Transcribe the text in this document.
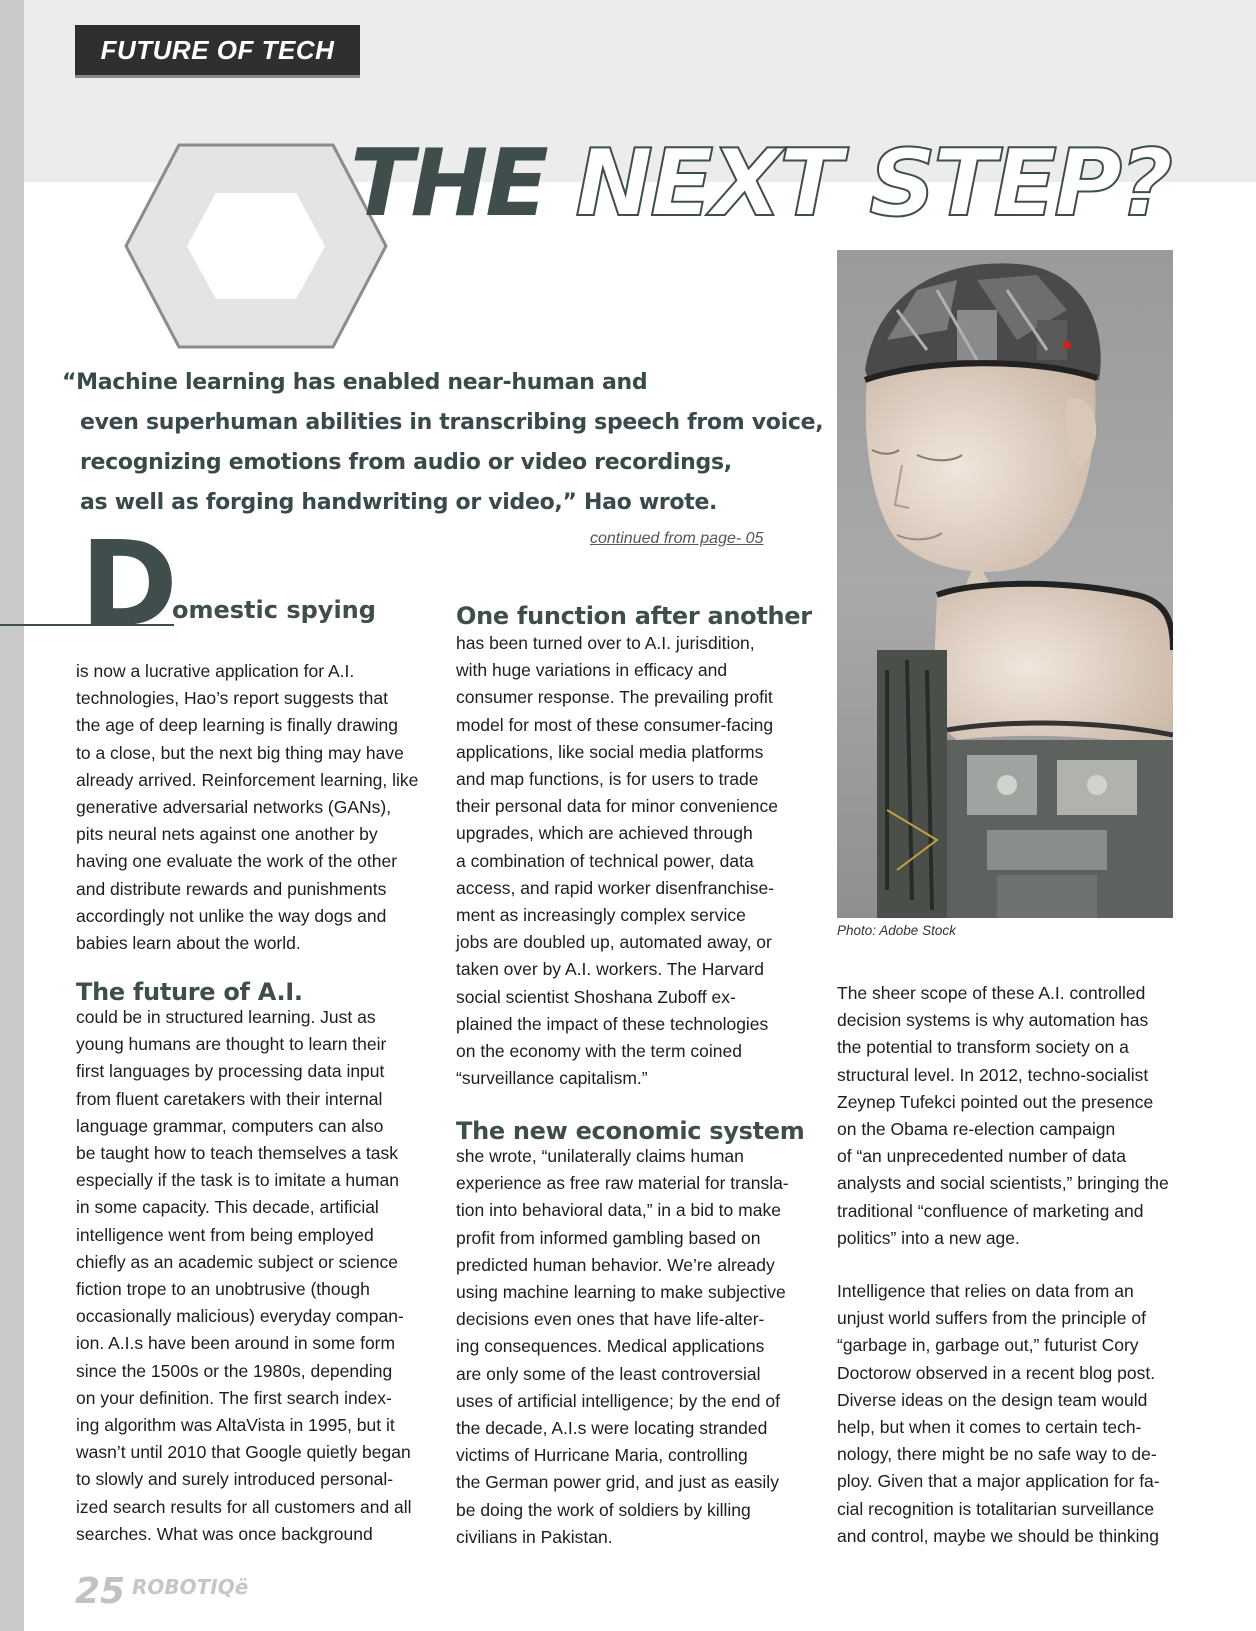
FUTURE OF TECH
THE NEXT STEP?
“Machine learning has enabled near-human and
even superhuman abilities in transcribing speech from voice,
recognizing emotions from audio or video recordings,
as well as forging handwriting or video,” Hao wrote.
continued from page- 05
D
omestic spying
is now a lucrative application for A.I.
technologies, Hao’s report suggests that
the age of deep learning is finally drawing
to a close, but the next big thing may have
already arrived. Reinforcement learning, like
generative adversarial networks (GANs),
pits neural nets against one another by
having one evaluate the work of the other
and distribute rewards and punishments
accordingly not unlike the way dogs and
babies learn about the world.
The future of A.I.
could be in structured learning. Just as
young humans are thought to learn their
first languages by processing data input
from fluent caretakers with their internal
language grammar, computers can also
be taught how to teach themselves a task
especially if the task is to imitate a human
in some capacity. This decade, artificial
intelligence went from being employed
chiefly as an academic subject or science
fiction trope to an unobtrusive (though
occasionally malicious) everyday compan-
ion. A.I.s have been around in some form
since the 1500s or the 1980s, depending
on your definition. The first search index-
ing algorithm was AltaVista in 1995, but it
wasn’t until 2010 that Google quietly began
to slowly and surely introduced personal-
ized search results for all customers and all
searches. What was once background
One function after another
has been turned over to A.I. jurisdition,
with huge variations in efficacy and
consumer response. The prevailing profit
model for most of these consumer-facing
applications, like social media platforms
and map functions, is for users to trade
their personal data for minor convenience
upgrades, which are achieved through
a combination of technical power, data
access, and rapid worker disenfranchise-
ment as increasingly complex service
jobs are doubled up, automated away, or
taken over by A.I. workers. The Harvard
social scientist Shoshana Zuboff ex-
plained the impact of these technologies
on the economy with the term coined
“surveillance capitalism.”
The new economic system
she wrote, “unilaterally claims human
experience as free raw material for transla-
tion into behavioral data,” in a bid to make
profit from informed gambling based on
predicted human behavior. We’re already
using machine learning to make subjective
decisions even ones that have life-alter-
ing consequences. Medical applications
are only some of the least controversial
uses of artificial intelligence; by the end of
the decade, A.I.s were locating stranded
victims of Hurricane Maria, controlling
the German power grid, and just as easily
be doing the work of soldiers by killing
civilians in Pakistan.
Photo: Adobe Stock
The sheer scope of these A.I. controlled
decision systems is why automation has
the potential to transform society on a
structural level. In 2012, techno-socialist
Zeynep Tufekci pointed out the presence
on the Obama re-election campaign
of “an unprecedented number of data
analysts and social scientists,” bringing the
traditional “confluence of marketing and
politics” into a new age.
Intelligence that relies on data from an
unjust world suffers from the principle of
“garbage in, garbage out,” futurist Cory
Doctorow observed in a recent blog post.
Diverse ideas on the design team would
help, but when it comes to certain tech-
nology, there might be no safe way to de-
ploy. Given that a major application for fa-
cial recognition is totalitarian surveillance
and control, maybe we should be thinking
25 ROBOTIQë
